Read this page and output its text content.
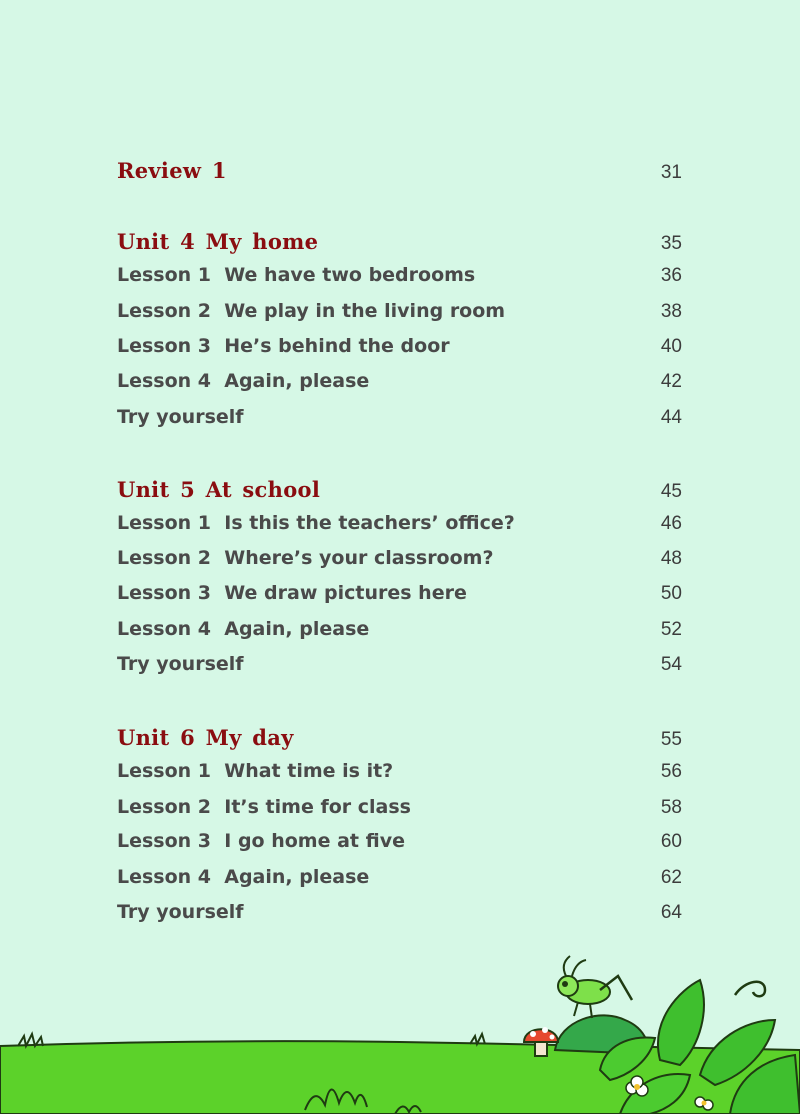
Review 1	31
Unit 4 My home	35
Lesson 1  We have two bedrooms	36
Lesson 2  We play in the living room	38
Lesson 3  He’s behind the door	40
Lesson 4  Again, please	42
Try yourself	44
Unit 5 At school	45
Lesson 1  Is this the teachers’ office?	46
Lesson 2  Where’s your classroom?	48
Lesson 3  We draw pictures here	50
Lesson 4  Again, please	52
Try yourself	54
Unit 6 My day	55
Lesson 1  What time is it?	56
Lesson 2  It’s time for class	58
Lesson 3  I go home at five	60
Lesson 4  Again, please	62
Try yourself	64
